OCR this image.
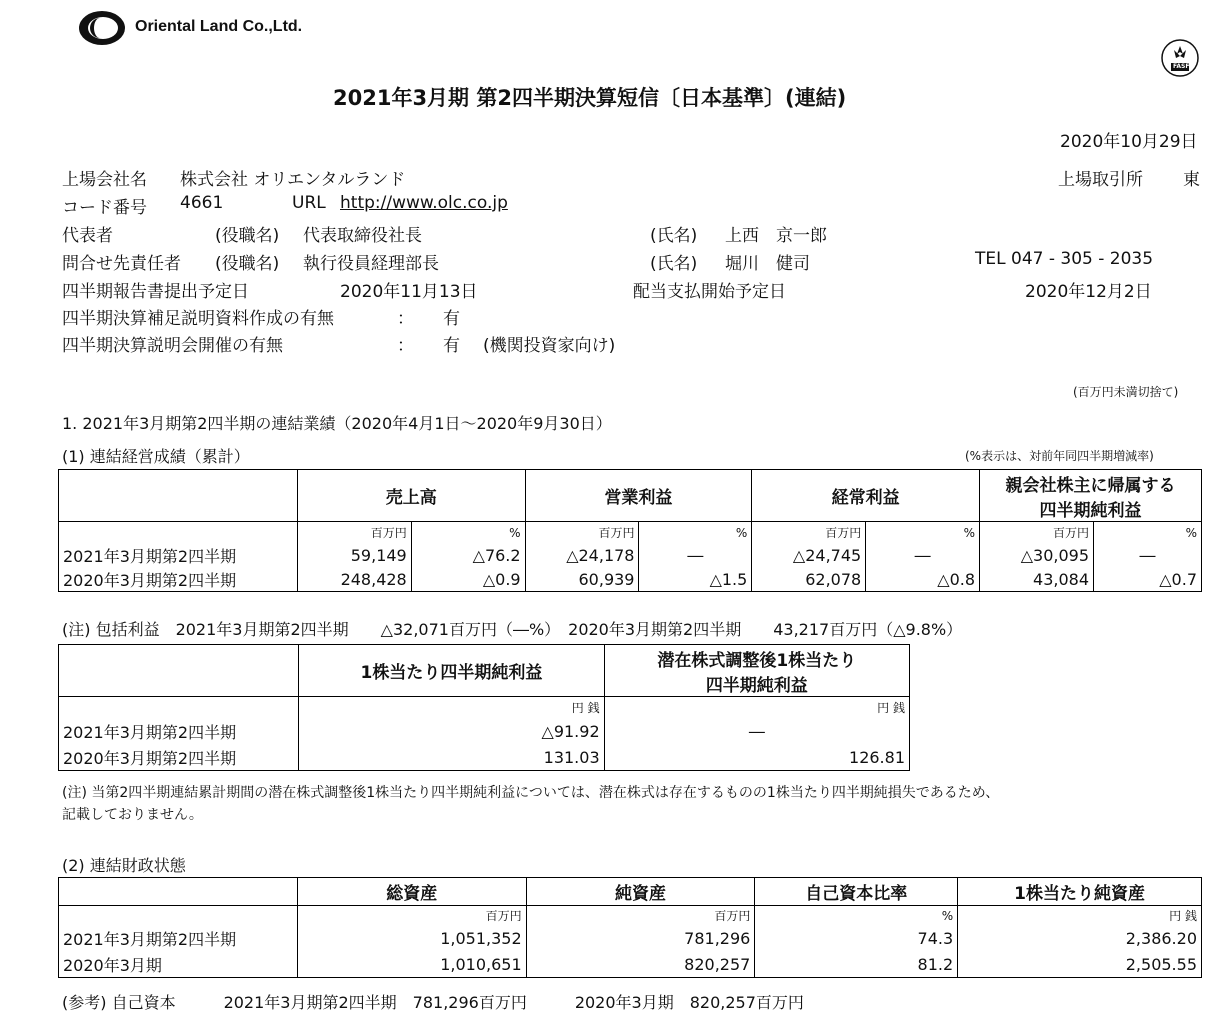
Oriental Land Co.,Ltd.
FASF
2021年3月期 第2四半期決算短信〔日本基準〕(連結)
2020年10月29日
上場会社名 株式会社 オリエンタルランド	上場取引所 東
コード番号 4661	URL http://www.olc.co.jp
代表者	(役職名) 代表取締役社長	(氏名) 上西　京一郎
問合せ先責任者 (役職名) 執行役員経理部長	(氏名) 堀川　健司	TEL 047 - 305 - 2035
四半期報告書提出予定日	2020年11月13日	配当支払開始予定日	2020年12月2日
四半期決算補足説明資料作成の有無	： 有
四半期決算説明会開催の有無	： 有 (機関投資家向け)
(百万円未満切捨て)
1. 2021年3月期第2四半期の連結業績（2020年4月1日～2020年9月30日）
(1) 連結経営成績（累計）	(%表示は、対前年同四半期増減率)
	売上高		営業利益		経常利益		親会社株主に帰属する
四半期純利益	

	百万円	%	百万円	%	百万円	%	百万円	%
2021年3月期第2四半期	59,149	△76.2	△24,178	―	△24,745	―	△30,095	―
2020年3月期第2四半期	248,428	△0.9	60,939	△1.5	62,078	△0.8	43,084	△0.7
(注) 包括利益　2021年3月期第2四半期　　△32,071百万円（―%）　2020年3月期第2四半期　　43,217百万円（△9.8%）
	1株当たり四半期純利益	潜在株式調整後1株当たり
四半期純利益

	円 銭	円 銭
2021年3月期第2四半期	△91.92	―
2020年3月期第2四半期	131.03	126.81
(注) 当第2四半期連結累計期間の潜在株式調整後1株当たり四半期純利益については、潜在株式は存在するものの1株当たり四半期純損失であるため、
記載しておりません。
(2) 連結財政状態
	総資産	純資産	自己資本比率	1株当たり純資産
	百万円	百万円	%	円 銭
2021年3月期第2四半期	1,051,352	781,296	74.3	2,386.20
2020年3月期	1,010,651	820,257	81.2	2,505.55
(参考) 自己資本　　　2021年3月期第2四半期　781,296百万円　　　2020年3月期　820,257百万円
